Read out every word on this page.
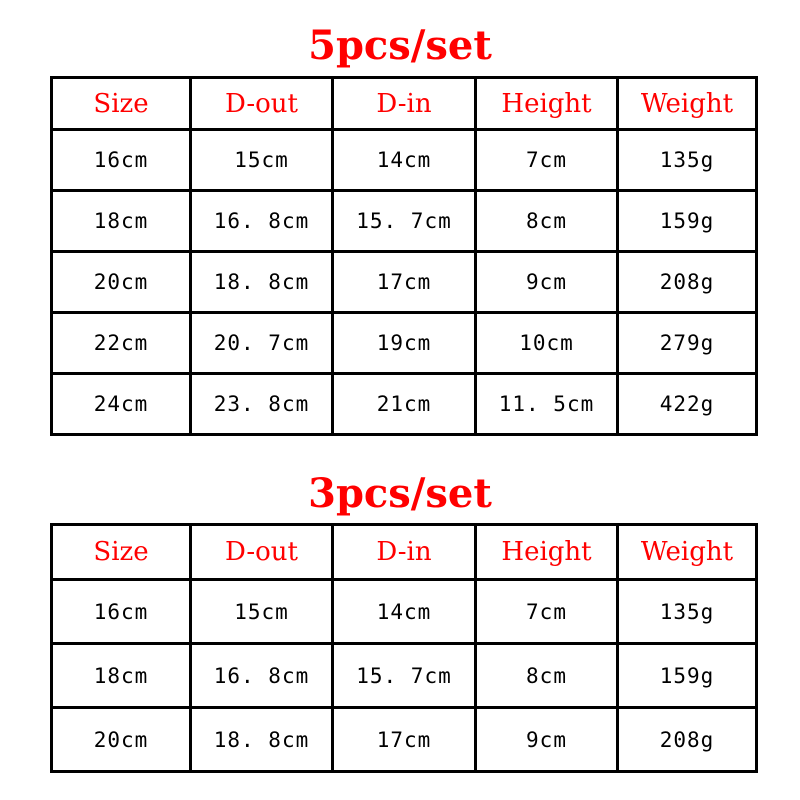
5pcs/set
Size	D-out	D-in	Height	Weight
16cm	15cm	14cm	7cm	135g
18cm	16. 8cm	15. 7cm	8cm	159g
20cm	18. 8cm	17cm	9cm	208g
22cm	20. 7cm	19cm	10cm	279g
24cm	23. 8cm	21cm	11. 5cm	422g
3pcs/set
Size	D-out	D-in	Height	Weight
16cm	15cm	14cm	7cm	135g
18cm	16. 8cm	15. 7cm	8cm	159g
20cm	18. 8cm	17cm	9cm	208g
